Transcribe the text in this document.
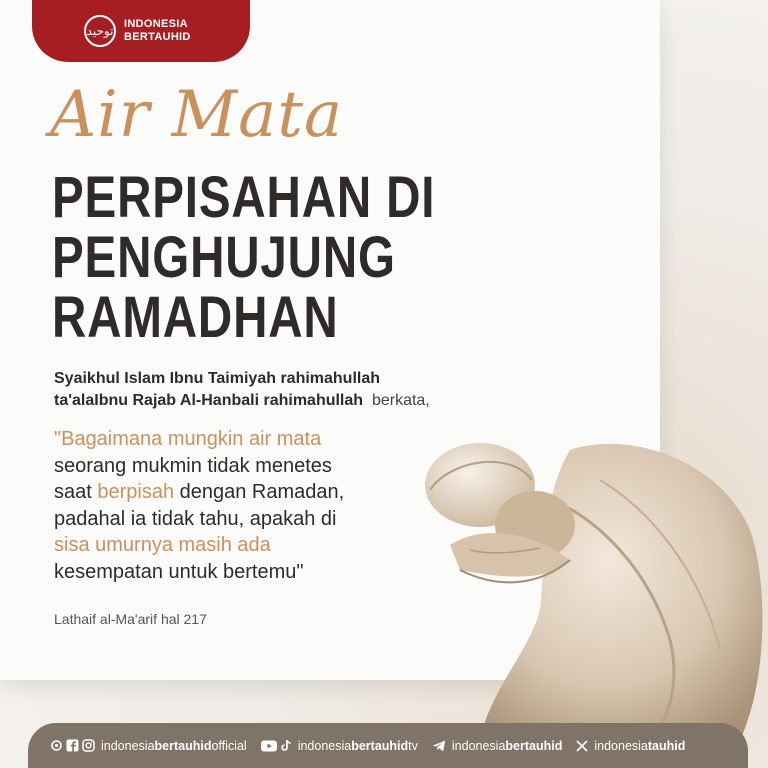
توحيد INDONESIA
BERTAUHID
Air Mata
PERPISAHAN DI
PENGHUJUNG
RAMADHAN
Syaikhul Islam Ibnu Taimiyah rahimahullah
ta'alaIbnu Rajab Al-Hanbali rahimahullah berkata,
"Bagaimana mungkin air mata
seorang mukmin tidak menetes
saat berpisah dengan Ramadan,
padahal ia tidak tahu, apakah di
sisa umurnya masih ada
kesempatan untuk bertemu"
Lathaif al-Ma'arif hal 217
indonesiabertauhidofficial	indonesiabertauhidtv	indonesiabertauhid	indonesiatauhid
